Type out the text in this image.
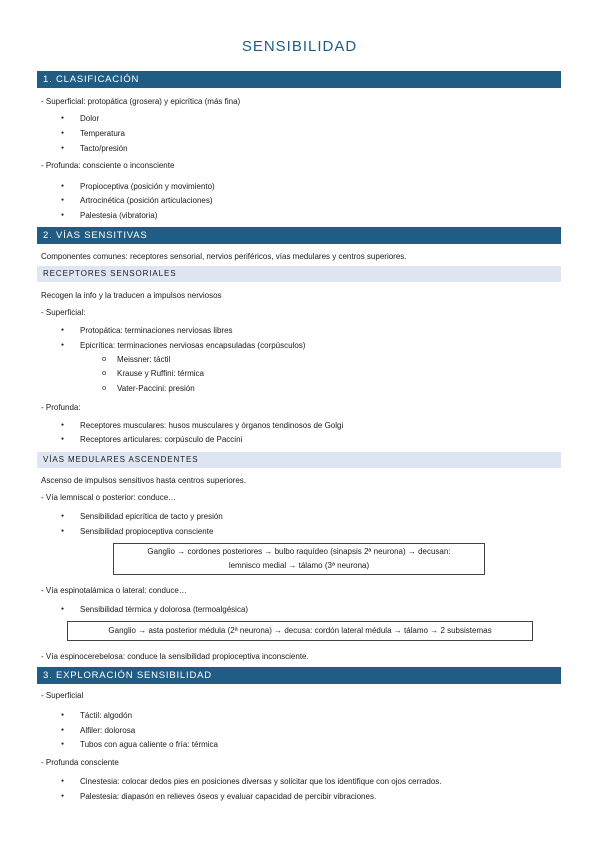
SENSIBILIDAD
1. CLASIFICACIÓN
- Superficial: protopática (grosera) y epicrítica (más fina)
● Dolor
● Temperatura
● Tacto/presión
- Profunda: consciente o inconsciente
● Propioceptiva (posición y movimiento)
● Artrocinética (posición articulaciones)
● Palestesia (vibratoria)
2. VÍAS SENSITIVAS
Componentes comunes: receptores sensorial, nervios periféricos, vías medulares y centros superiores.
RECEPTORES SENSORIALES
Recogen la info y la traducen a impulsos nerviosos
- Superficial:
● Protopática: terminaciones nerviosas libres
● Epicrítica: terminaciones nerviosas encapsuladas (corpúsculos)
o Meissner: táctil
o Krause y Ruffini: térmica
o Vater-Paccini: presión
- Profunda:
● Receptores musculares: husos musculares y órganos tendinosos de Golgi
● Receptores articulares: corpúsculo de Paccini
VÍAS MEDULARES ASCENDENTES
Ascenso de impulsos sensitivos hasta centros superiores.
- Vía lemniscal o posterior: conduce…
● Sensibilidad epicrítica de tacto y presión
● Sensibilidad propioceptiva consciente
Ganglio → cordones posteriores → bulbo raquídeo (sinapsis 2ª neurona) → decusan:
lemnisco medial → tálamo (3ª neurona)
- Vía espinotalámica o lateral: conduce…
● Sensibilidad térmica y dolorosa (termoalgésica)
Ganglio → asta posterior médula (2ª neurona) → decusa: cordón lateral médula → tálamo → 2 subsistemas
- Vía espinocerebelosa: conduce la sensibilidad propioceptiva inconsciente.
3. EXPLORACIÓN SENSIBILIDAD
- Superficial
● Táctil: algodón
● Alfiler: dolorosa
● Tubos con agua caliente o fría: térmica
- Profunda consciente
● Cinestesia: colocar dedos pies en posiciones diversas y solicitar que los identifique con ojos cerrados.
● Palestesia: diapasón en relieves óseos y evaluar capacidad de percibir vibraciones.
